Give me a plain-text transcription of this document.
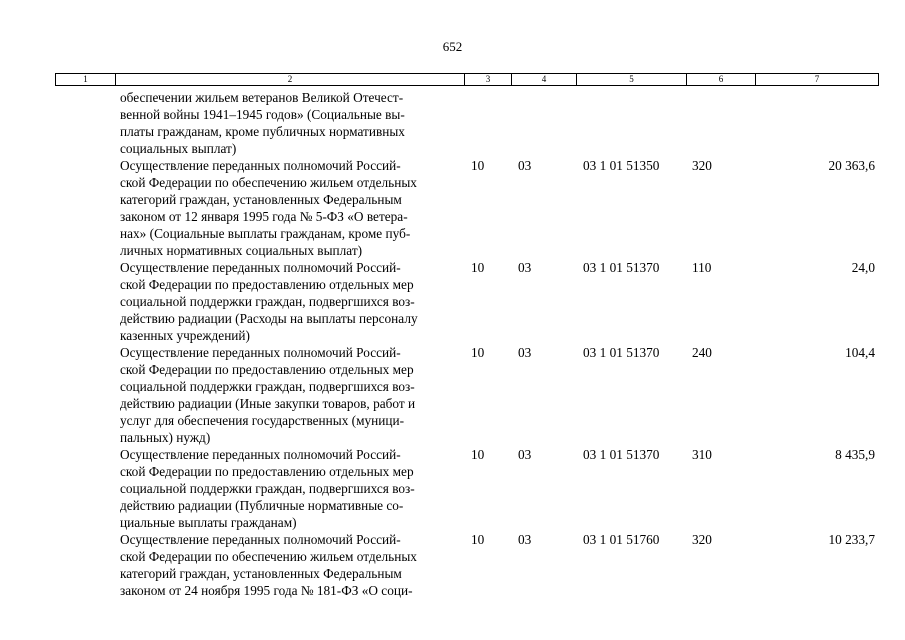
652
1	2	3	4	5	6	7
обеспечении жильем ветеранов Великой Отечест-
венной войны 1941–1945 годов» (Социальные вы-
платы гражданам, кроме публичных нормативных
социальных выплат)
Осуществление переданных полномочий Россий-
ской Федерации по обеспечению жильем отдельных
категорий граждан, установленных Федеральным
законом от 12 января 1995 года № 5-ФЗ «О ветера-
нах» (Социальные выплаты гражданам, кроме пуб-
личных нормативных социальных выплат)
10	03	03 1 01 51350 320	20 363,6
Осуществление переданных полномочий Россий-
ской Федерации по предоставлению отдельных мер
социальной поддержки граждан, подвергшихся воз-
действию радиации (Расходы на выплаты персоналу
казенных учреждений)
10	03	03 1 01 51370 110	24,0
Осуществление переданных полномочий Россий-
ской Федерации по предоставлению отдельных мер
социальной поддержки граждан, подвергшихся воз-
действию радиации (Иные закупки товаров, работ и
услуг для обеспечения государственных (муници-
пальных) нужд)
10	03	03 1 01 51370 240	104,4
Осуществление переданных полномочий Россий-
ской Федерации по предоставлению отдельных мер
социальной поддержки граждан, подвергшихся воз-
действию радиации (Публичные нормативные со-
циальные выплаты гражданам)
10	03	03 1 01 51370 310	8 435,9
Осуществление переданных полномочий Россий-
ской Федерации по обеспечению жильем отдельных
категорий граждан, установленных Федеральным
законом от 24 ноября 1995 года № 181-ФЗ «О соци-
10	03	03 1 01 51760 320	10 233,7
